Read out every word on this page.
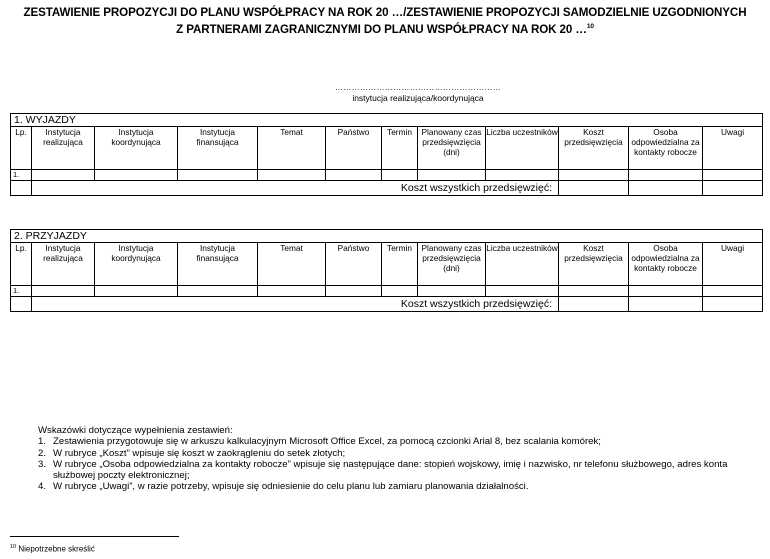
ZESTAWIENIE PROPOZYCJI DO PLANU WSPÓŁPRACY NA ROK 20 …/ZESTAWIENIE PROPOZYCJI SAMODZIELNIE UZGODNIONYCH
Z PARTNERAMI ZAGRANICZNYMI DO PLANU WSPÓŁPRACY NA ROK 20 …$^{10}$
……………………………………………………
instytucja realizująca/koordynująca
1. WYJAZDY											
Lp.	Instytucja realizująca	Instytucja koordynująca	Instytucja finansująca	Temat	Państwo	Termin	Planowany czas przedsięwzięcia (dni)	Liczba uczestników	Koszt przedsięwzięcia	Osoba odpowiedzialna za kontakty robocze	Uwagi
1.											
	Koszt wszystkich przedsięwzięć:										
2. PRZYJAZDY											
Lp.	Instytucja realizująca	Instytucja koordynująca	Instytucja finansująca	Temat	Państwo	Termin	Planowany czas przedsięwzięcia (dni)	Liczba uczestników	Koszt przedsięwzięcia	Osoba odpowiedzialna za kontakty robocze	Uwagi
1.											
	Koszt wszystkich przedsięwzięć:										
Wskazówki dotyczące wypełnienia zestawień:
1. Zestawienia przygotowuje się w arkuszu kalkulacyjnym Microsoft Office Excel, za pomocą czcionki Arial 8, bez scalania komórek;
2. W rubryce „Koszt” wpisuje się koszt w zaokrągleniu do setek złotych;
3. W rubryce „Osoba odpowiedzialna za kontakty robocze” wpisuje się następujące dane: stopień wojskowy, imię i nazwisko, nr telefonu służbowego, adres konta służbowej poczty elektronicznej;
4. W rubryce „Uwagi”, w razie potrzeby, wpisuje się odniesienie do celu planu lub zamiaru planowania działalności.
$^{10}$ Niepotrzebne skreślić
